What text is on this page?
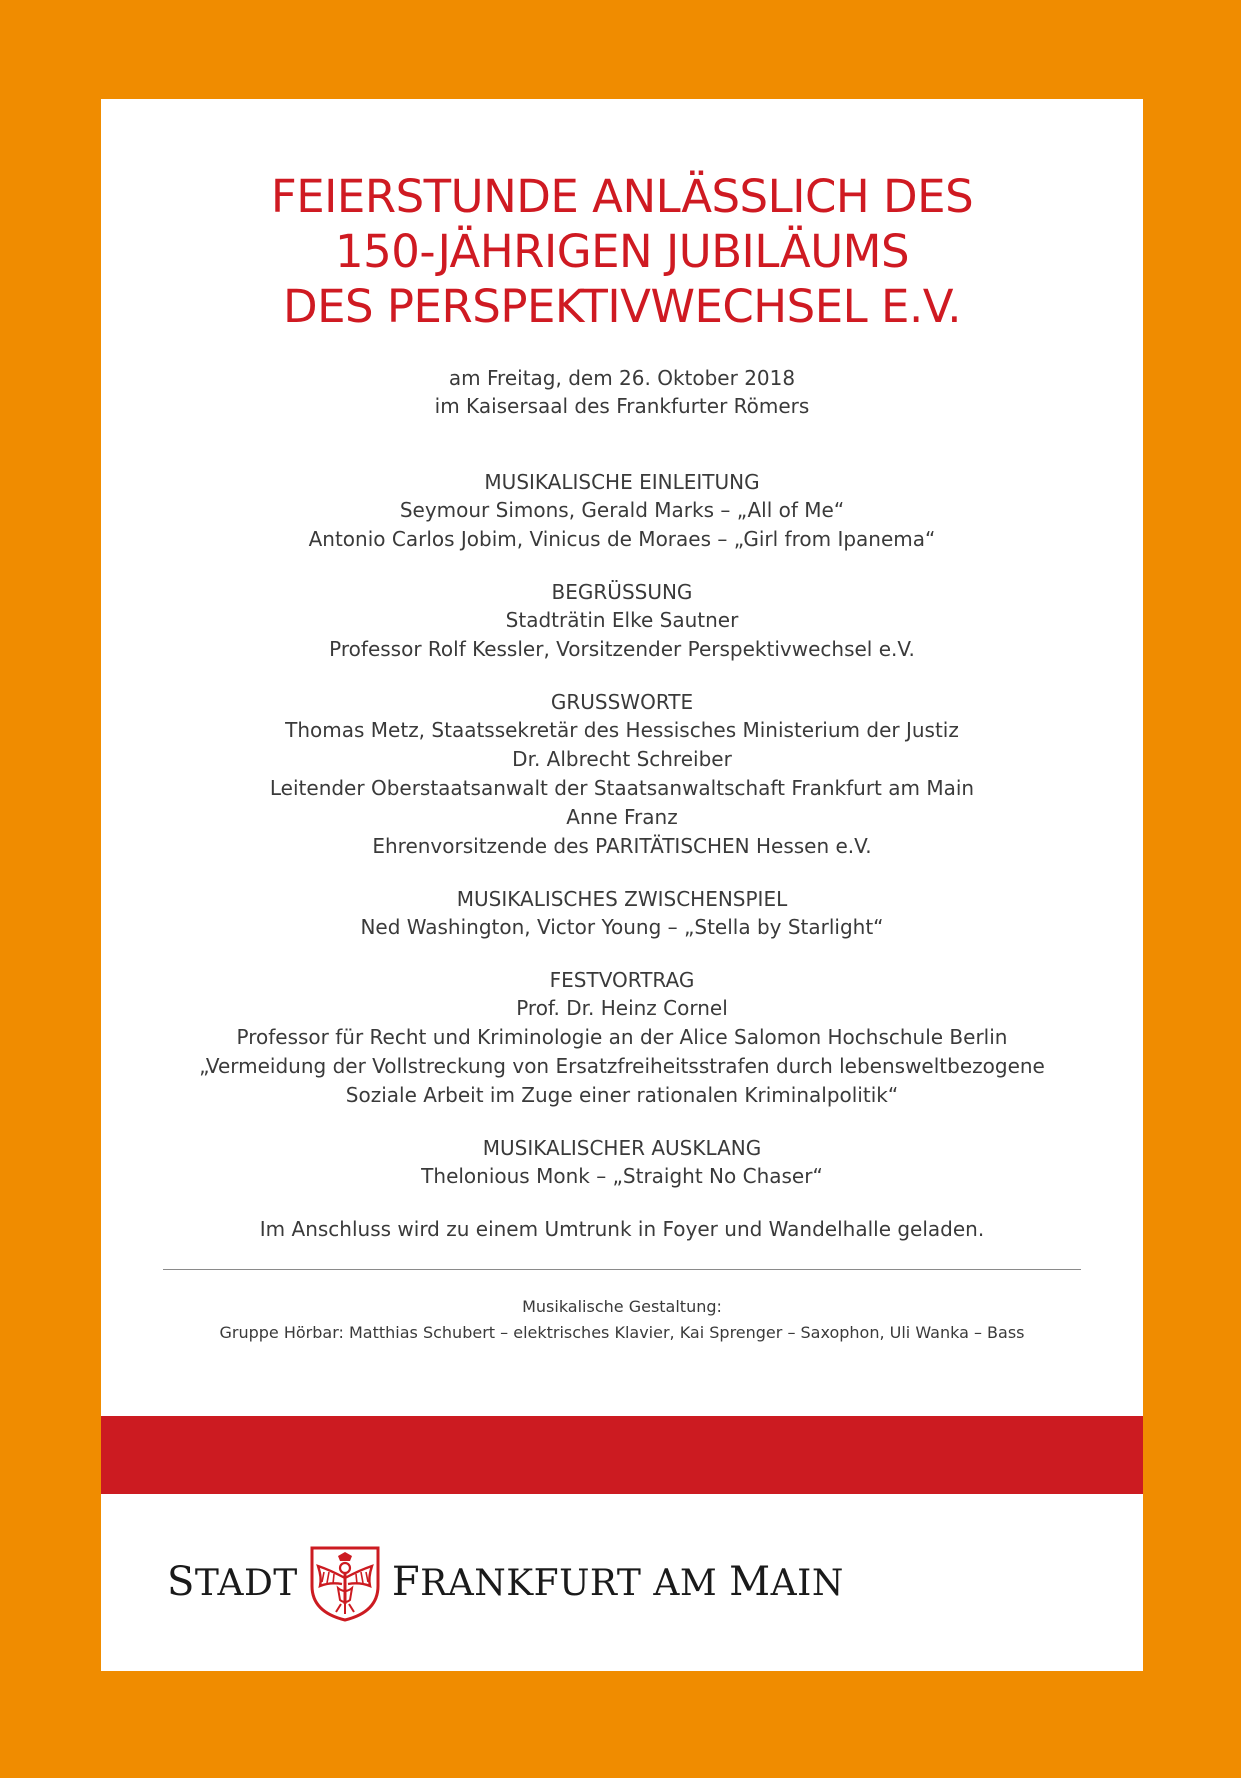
FEIERSTUNDE ANLÄSSLICH DES
150-JÄHRIGEN JUBILÄUMS
DES PERSPEKTIVWECHSEL E.V.
am Freitag, dem 26. Oktober 2018
im Kaisersaal des Frankfurter Römers
MUSIKALISCHE EINLEITUNG
Seymour Simons, Gerald Marks – „All of Me“
Antonio Carlos Jobim, Vinicus de Moraes – „Girl from Ipanema“
BEGRÜSSUNG
Stadträtin Elke Sautner
Professor Rolf Kessler, Vorsitzender Perspektivwechsel e.V.
GRUSSWORTE
Thomas Metz, Staatssekretär des Hessisches Ministerium der Justiz
Dr. Albrecht Schreiber
Leitender Oberstaatsanwalt der Staatsanwaltschaft Frankfurt am Main
Anne Franz
Ehrenvorsitzende des PARITÄTISCHEN Hessen e.V.
MUSIKALISCHES ZWISCHENSPIEL
Ned Washington, Victor Young – „Stella by Starlight“
FESTVORTRAG
Prof. Dr. Heinz Cornel
Professor für Recht und Kriminologie an der Alice Salomon Hochschule Berlin
„Vermeidung der Vollstreckung von Ersatzfreiheitsstrafen durch lebensweltbezogene
Soziale Arbeit im Zuge einer rationalen Kriminalpolitik“
MUSIKALISCHER AUSKLANG
Thelonious Monk – „Straight No Chaser“
Im Anschluss wird zu einem Umtrunk in Foyer und Wandelhalle geladen.
Musikalische Gestaltung:
Gruppe Hörbar: Matthias Schubert – elektrisches Klavier, Kai Sprenger – Saxophon, Uli Wanka – Bass
STADT FRANKFURT AM MAIN
